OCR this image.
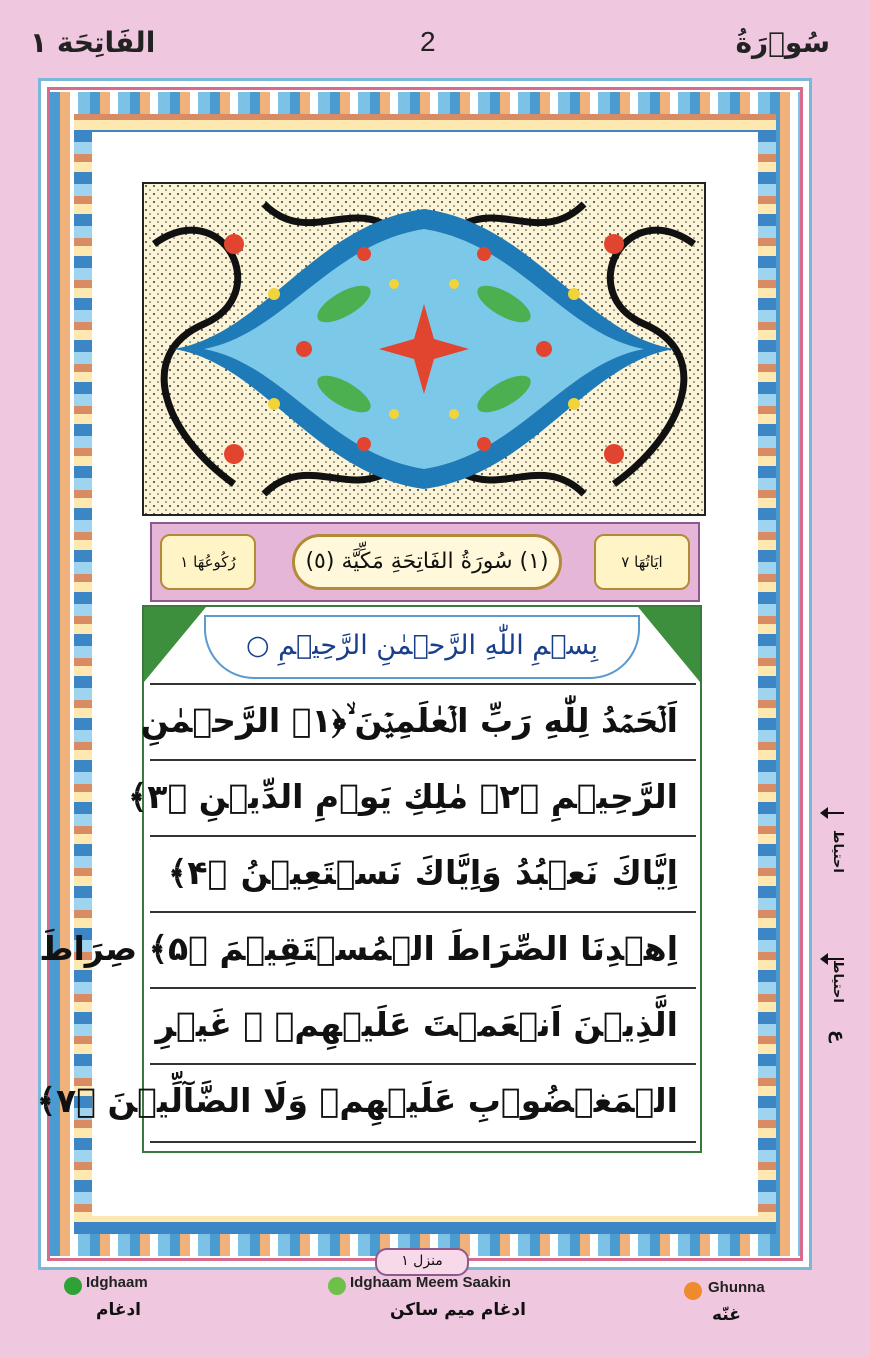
سُوۡرَةُ
2
الفَاتِحَة ١
ايَاتُهَا ٧
(١) سُورَةُ الفَاتِحَةِ مَكِّيَّة (٥)
رُكُوعُهَا ١
بِسۡمِ اللّٰهِ الرَّحۡمٰنِ الرَّحِيۡمِ ○
اَلۡحَمۡدُ لِلّٰهِ رَبِّ الۡعٰلَمِيۡنَ ۙ﴿۱﴾ الرَّحۡمٰنِ
الرَّحِيۡمِ ﴿۲﴾ مٰلِكِ يَوۡمِ الدِّيۡنِ ﴿۳﴾
اِيَّاكَ نَعۡبُدُ وَاِيَّاكَ نَسۡتَعِيۡنُ ﴿۴﴾
اِهۡدِنَا الصِّرَاطَ الۡمُسۡتَقِيۡمَ ﴿۵﴾ صِرَاطَ
الَّذِيۡنَ اَنۡعَمۡتَ عَلَيۡهِمۡ ۙ غَيۡرِ
الۡمَغۡضُوۡبِ عَلَيۡهِمۡ وَلَا الضَّآلِّيۡنَ ﴿۷﴾
احتياط
احتياط
ع
منزل ١
Idghaam
ادغام
Idghaam Meem Saakin
ادغام میم ساکن
Ghunna
غنّه
